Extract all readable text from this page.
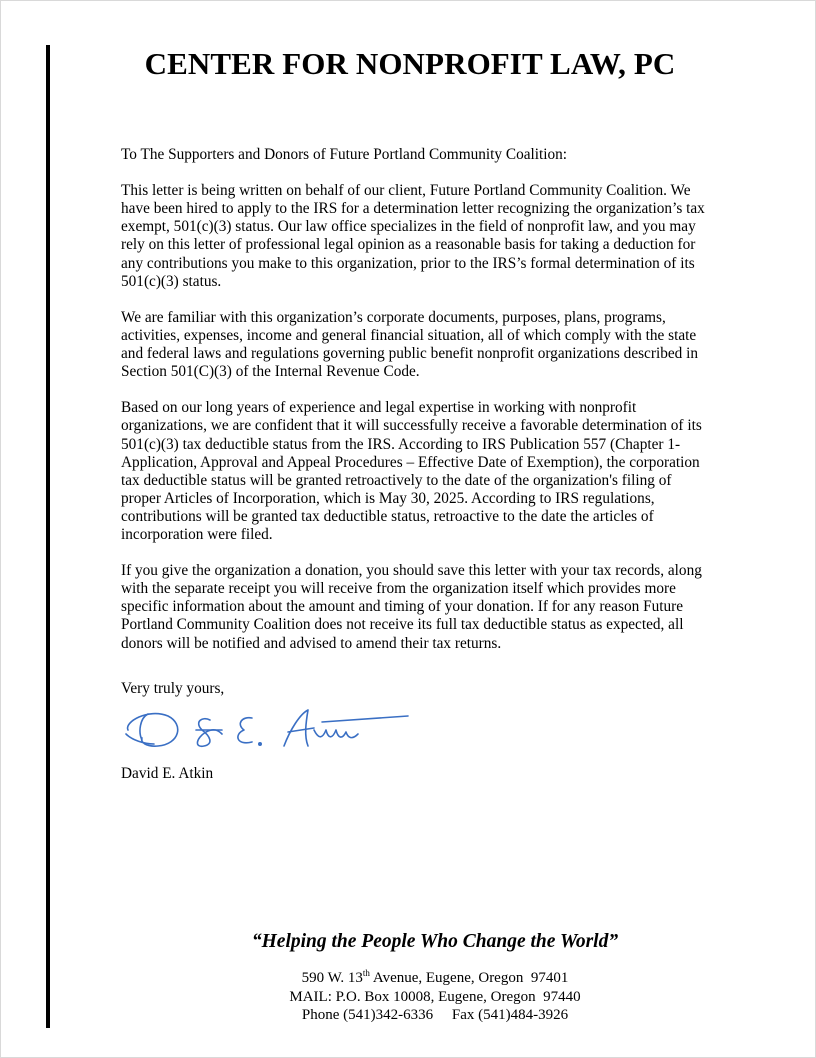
CENTER FOR NONPROFIT LAW, PC

To The Supporters and Donors of Future Portland Community Coalition:

This letter is being written on behalf of our client, Future Portland Community Coalition. We have been hired to apply to the IRS for a determination letter recognizing the organization’s tax exempt, 501(c)(3) status. Our law office specializes in the field of nonprofit law, and you may rely on this letter of professional legal opinion as a reasonable basis for taking a deduction for any contributions you make to this organization, prior to the IRS’s formal determination of its 501(c)(3) status.

We are familiar with this organization’s corporate documents, purposes, plans, programs, activities, expenses, income and general financial situation, all of which comply with the state and federal laws and regulations governing public benefit nonprofit organizations described in Section 501(C)(3) of the Internal Revenue Code.

Based on our long years of experience and legal expertise in working with nonprofit organizations, we are confident that it will successfully receive a favorable determination of its 501(c)(3) tax deductible status from the IRS. According to IRS Publication 557 (Chapter 1- Application, Approval and Appeal Procedures – Effective Date of Exemption), the corporation tax deductible status will be granted retroactively to the date of the organization's filing of proper Articles of Incorporation, which is May 30, 2025. According to IRS regulations, contributions will be granted tax deductible status, retroactive to the date the articles of incorporation were filed.

If you give the organization a donation, you should save this letter with your tax records, along with the separate receipt you will receive from the organization itself which provides more specific information about the amount and timing of your donation. If for any reason Future Portland Community Coalition does not receive its full tax deductible status as expected, all donors will be notified and advised to amend their tax returns.

Very truly yours,
David E. Atkin
“Helping the People Who Change the World”
590 W. 13th Avenue, Eugene, Oregon  97401
MAIL: P.O. Box 10008, Eugene, Oregon  97440
Phone (541)342-6336     Fax (541)484-3926
